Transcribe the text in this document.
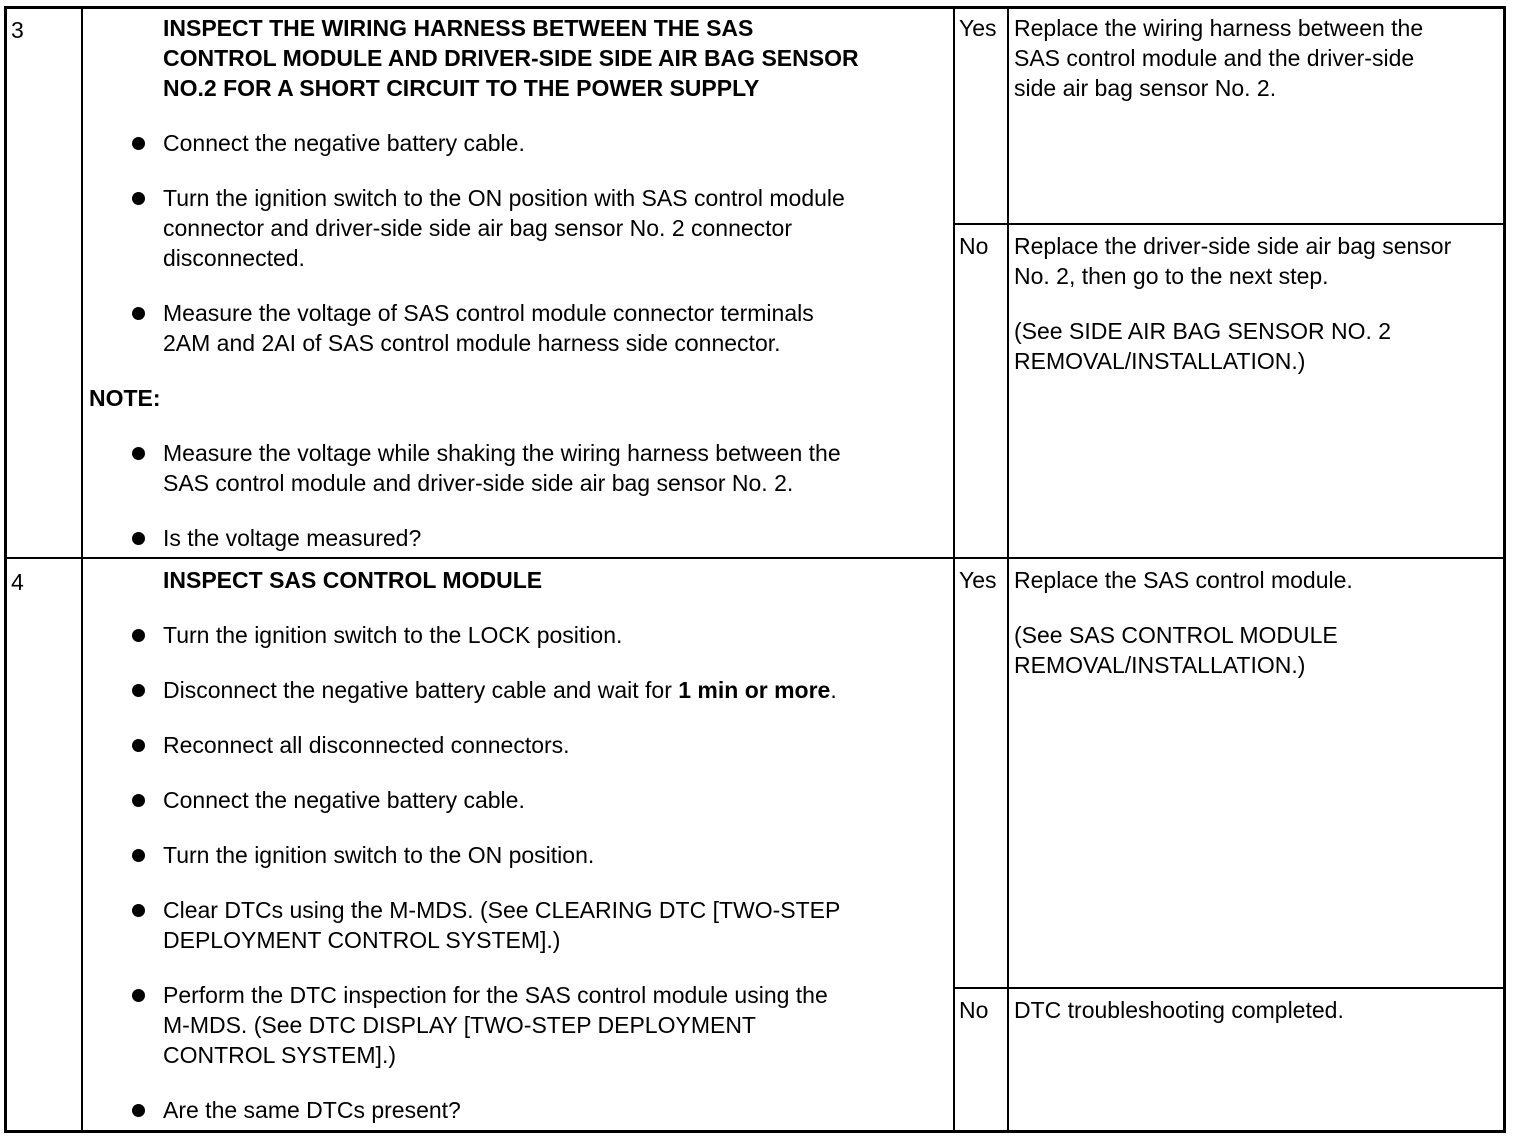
3	INSPECT THE WIRING HARNESS BETWEEN THE SAS
CONTROL MODULE AND DRIVER-SIDE SIDE AIR BAG SENSOR
NO.2 FOR A SHORT CIRCUIT TO THE POWER SUPPLY
Connect the negative battery cable.
Turn the ignition switch to the ON position with SAS control module
connector and driver-side side air bag sensor No. 2 connector
disconnected.
Measure the voltage of SAS control module connector terminals
2AM and 2AI of SAS control module harness side connector.
NOTE:
Measure the voltage while shaking the wiring harness between the
SAS control module and driver-side side air bag sensor No. 2.
Is the voltage measured?
Yes Replace the wiring harness between the
SAS control module and the driver-side
side air bag sensor No. 2.
No Replace the driver-side side air bag sensor
No. 2, then go to the next step.
(See SIDE AIR BAG SENSOR NO. 2
REMOVAL/INSTALLATION.)
4	INSPECT SAS CONTROL MODULE
Turn the ignition switch to the LOCK position.
Disconnect the negative battery cable and wait for 1 min or more.
Reconnect all disconnected connectors.
Connect the negative battery cable.
Turn the ignition switch to the ON position.
Clear DTCs using the M-MDS. (See CLEARING DTC [TWO-STEP
DEPLOYMENT CONTROL SYSTEM].)
Perform the DTC inspection for the SAS control module using the
M-MDS. (See DTC DISPLAY [TWO-STEP DEPLOYMENT
CONTROL SYSTEM].)
Are the same DTCs present?
Yes Replace the SAS control module.
(See SAS CONTROL MODULE
REMOVAL/INSTALLATION.)
No DTC troubleshooting completed.
